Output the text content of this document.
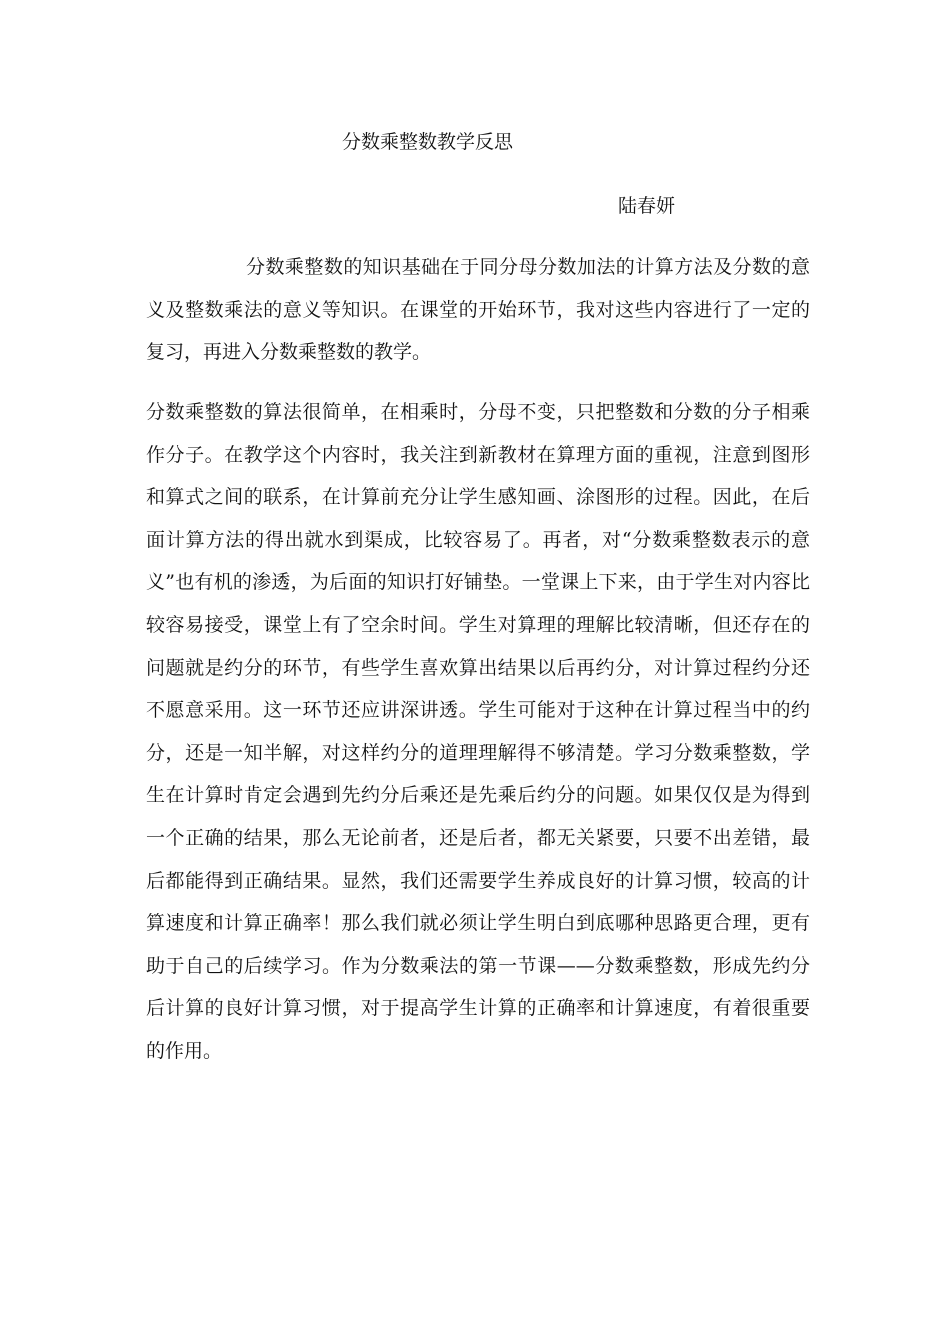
分数乘整数教学反思
陆春妍

分数乘整数的知识基础在于同分母分数加法的计算方法及分数的意义及整数乘法的意义等知识。在课堂的开始环节，我对这些内容进行了一定的复习，再进入分数乘整数的教学。

分数乘整数的算法很简单，在相乘时，分母不变，只把整数和分数的分子相乘作分子。在教学这个内容时，我关注到新教材在算理方面的重视，注意到图形和算式之间的联系，在计算前充分让学生感知画、涂图形的过程。因此，在后面计算方法的得出就水到渠成，比较容易了。再者，对“分数乘整数表示的意义”也有机的渗透，为后面的知识打好铺垫。一堂课上下来，由于学生对内容比较容易接受，课堂上有了空余时间。学生对算理的理解比较清晰，但还存在的问题就是约分的环节，有些学生喜欢算出结果以后再约分，对计算过程约分还不愿意采用。这一环节还应讲深讲透。学生可能对于这种在计算过程当中的约分，还是一知半解，对这样约分的道理理解得不够清楚。学习分数乘整数，学生在计算时肯定会遇到先约分后乘还是先乘后约分的问题。如果仅仅是为得到一个正确的结果，那么无论前者，还是后者，都无关紧要，只要不出差错，最后都能得到正确结果。显然，我们还需要学生养成良好的计算习惯，较高的计算速度和计算正确率！那么我们就必须让学生明白到底哪种思路更合理，更有助于自己的后续学习。作为分数乘法的第一节课——分数乘整数，形成先约分后计算的良好计算习惯，对于提高学生计算的正确率和计算速度，有着很重要的作用。
